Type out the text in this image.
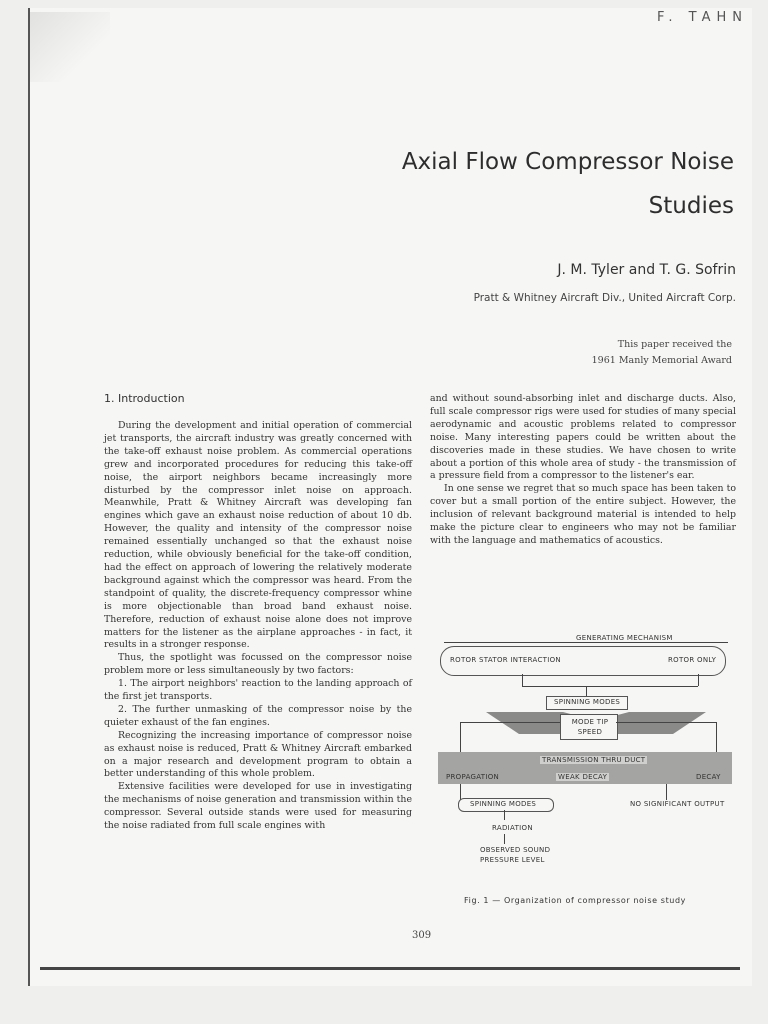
F. TAHN
Axial Flow Compressor Noise
Studies
J. M. Tyler and T. G. Sofrin
Pratt & Whitney Aircraft Div., United Aircraft Corp.
This paper received the
1961 Manly Memorial Award
1. Introduction

During the development and initial operation of commercial jet transports, the aircraft industry was greatly concerned with the take-off exhaust noise problem. As commercial operations grew and incorporated procedures for reducing this take-off noise, the airport neighbors became increasingly more disturbed by the compressor inlet noise on approach. Meanwhile, Pratt & Whitney Aircraft was developing fan engines which gave an exhaust noise reduction of about 10 db. However, the quality and intensity of the compressor noise remained essentially unchanged so that the exhaust noise reduction, while obviously beneficial for the take-off condition, had the effect on approach of lowering the relatively moderate background against which the compressor was heard. From the standpoint of quality, the discrete-frequency compressor whine is more objectionable than broad band exhaust noise. Therefore, reduction of exhaust noise alone does not improve matters for the listener as the airplane approaches - in fact, it results in a stronger response.

Thus, the spotlight was focussed on the compressor noise problem more or less simultaneously by two factors:

1. The airport neighbors' reaction to the landing approach of the first jet transports.

2. The further unmasking of the compressor noise by the quieter exhaust of the fan engines.

Recognizing the increasing importance of compressor noise as exhaust noise is reduced, Pratt & Whitney Aircraft embarked on a major research and development program to obtain a better understanding of this whole problem.

Extensive facilities were developed for use in investigating the mechanisms of noise generation and transmission within the compressor. Several outside stands were used for measuring the noise radiated from full scale engines with

and without sound-absorbing inlet and discharge ducts. Also, full scale compressor rigs were used for studies of many special aerodynamic and acoustic problems related to compressor noise. Many interesting papers could be written about the discoveries made in these studies. We have chosen to write about a portion of this whole area of study - the transmission of a pressure field from a compressor to the listener's ear.

In one sense we regret that so much space has been taken to cover but a small portion of the entire subject. However, the inclusion of relevant background material is intended to help make the picture clear to engineers who may not be familiar with the language and mathematics of acoustics.

GENERATING MECHANISM
ROTOR STATOR INTERACTION	ROTOR ONLY
SPINNING MODES
MODE TIP SPEED
TRANSMISSION THRU DUCT
PROPAGATION	WEAK DECAY	DECAY
SPINNING MODES	NO SIGNIFICANT OUTPUT
RADIATION
OBSERVED SOUND
PRESSURE LEVEL
Fig. 1 — Organization of compressor noise study
309
